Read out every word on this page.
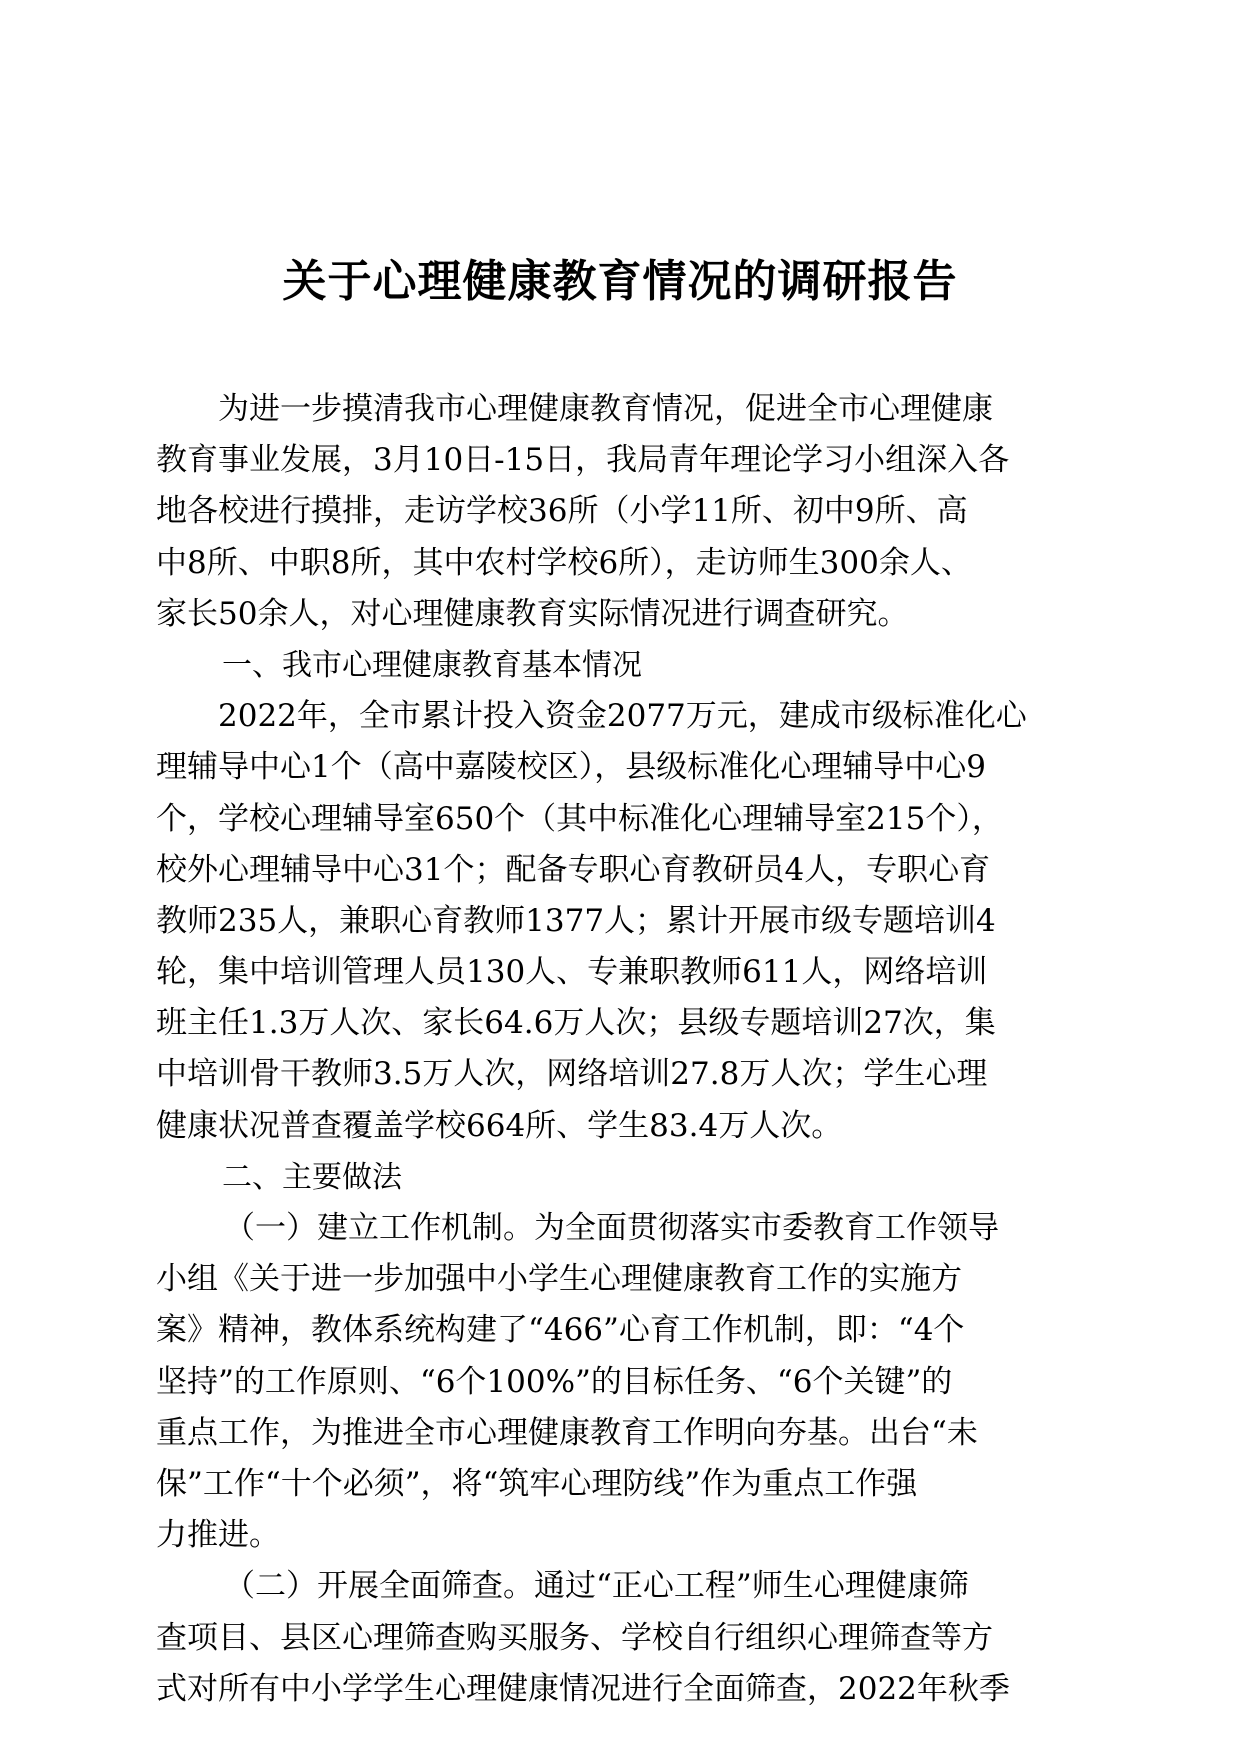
关于心理健康教育情况的调研报告
为进一步摸清我市心理健康教育情况，促进全市心理健康
教育事业发展，3月10日-15日，我局青年理论学习小组深入各
地各校进行摸排，走访学校36所（小学11所、初中9所、高
中8所、中职8所，其中农村学校6所），走访师生300余人、
家长50余人，对心理健康教育实际情况进行调查研究。
一、我市心理健康教育基本情况
2022年，全市累计投入资金2077万元，建成市级标准化心
理辅导中心1个（高中嘉陵校区），县级标准化心理辅导中心9
个，学校心理辅导室650个（其中标准化心理辅导室215个），
校外心理辅导中心31个；配备专职心育教研员4人，专职心育
教师235人，兼职心育教师1377人；累计开展市级专题培训4
轮，集中培训管理人员130人、专兼职教师611人，网络培训
班主任1.3万人次、家长64.6万人次；县级专题培训27次，集
中培训骨干教师3.5万人次，网络培训27.8万人次；学生心理
健康状况普查覆盖学校664所、学生83.4万人次。
二、主要做法
（一）建立工作机制。为全面贯彻落实市委教育工作领导
小组《关于进一步加强中小学生心理健康教育工作的实施方
案》精神，教体系统构建了“466”心育工作机制，即：“4个
坚持”的工作原则、“6个100%”的目标任务、“6个关键”的
重点工作，为推进全市心理健康教育工作明向夯基。出台“未
保”工作“十个必须”，将“筑牢心理防线”作为重点工作强
力推进。
（二）开展全面筛查。通过“正心工程”师生心理健康筛
查项目、县区心理筛查购买服务、学校自行组织心理筛查等方
式对所有中小学学生心理健康情况进行全面筛查，2022年秋季
